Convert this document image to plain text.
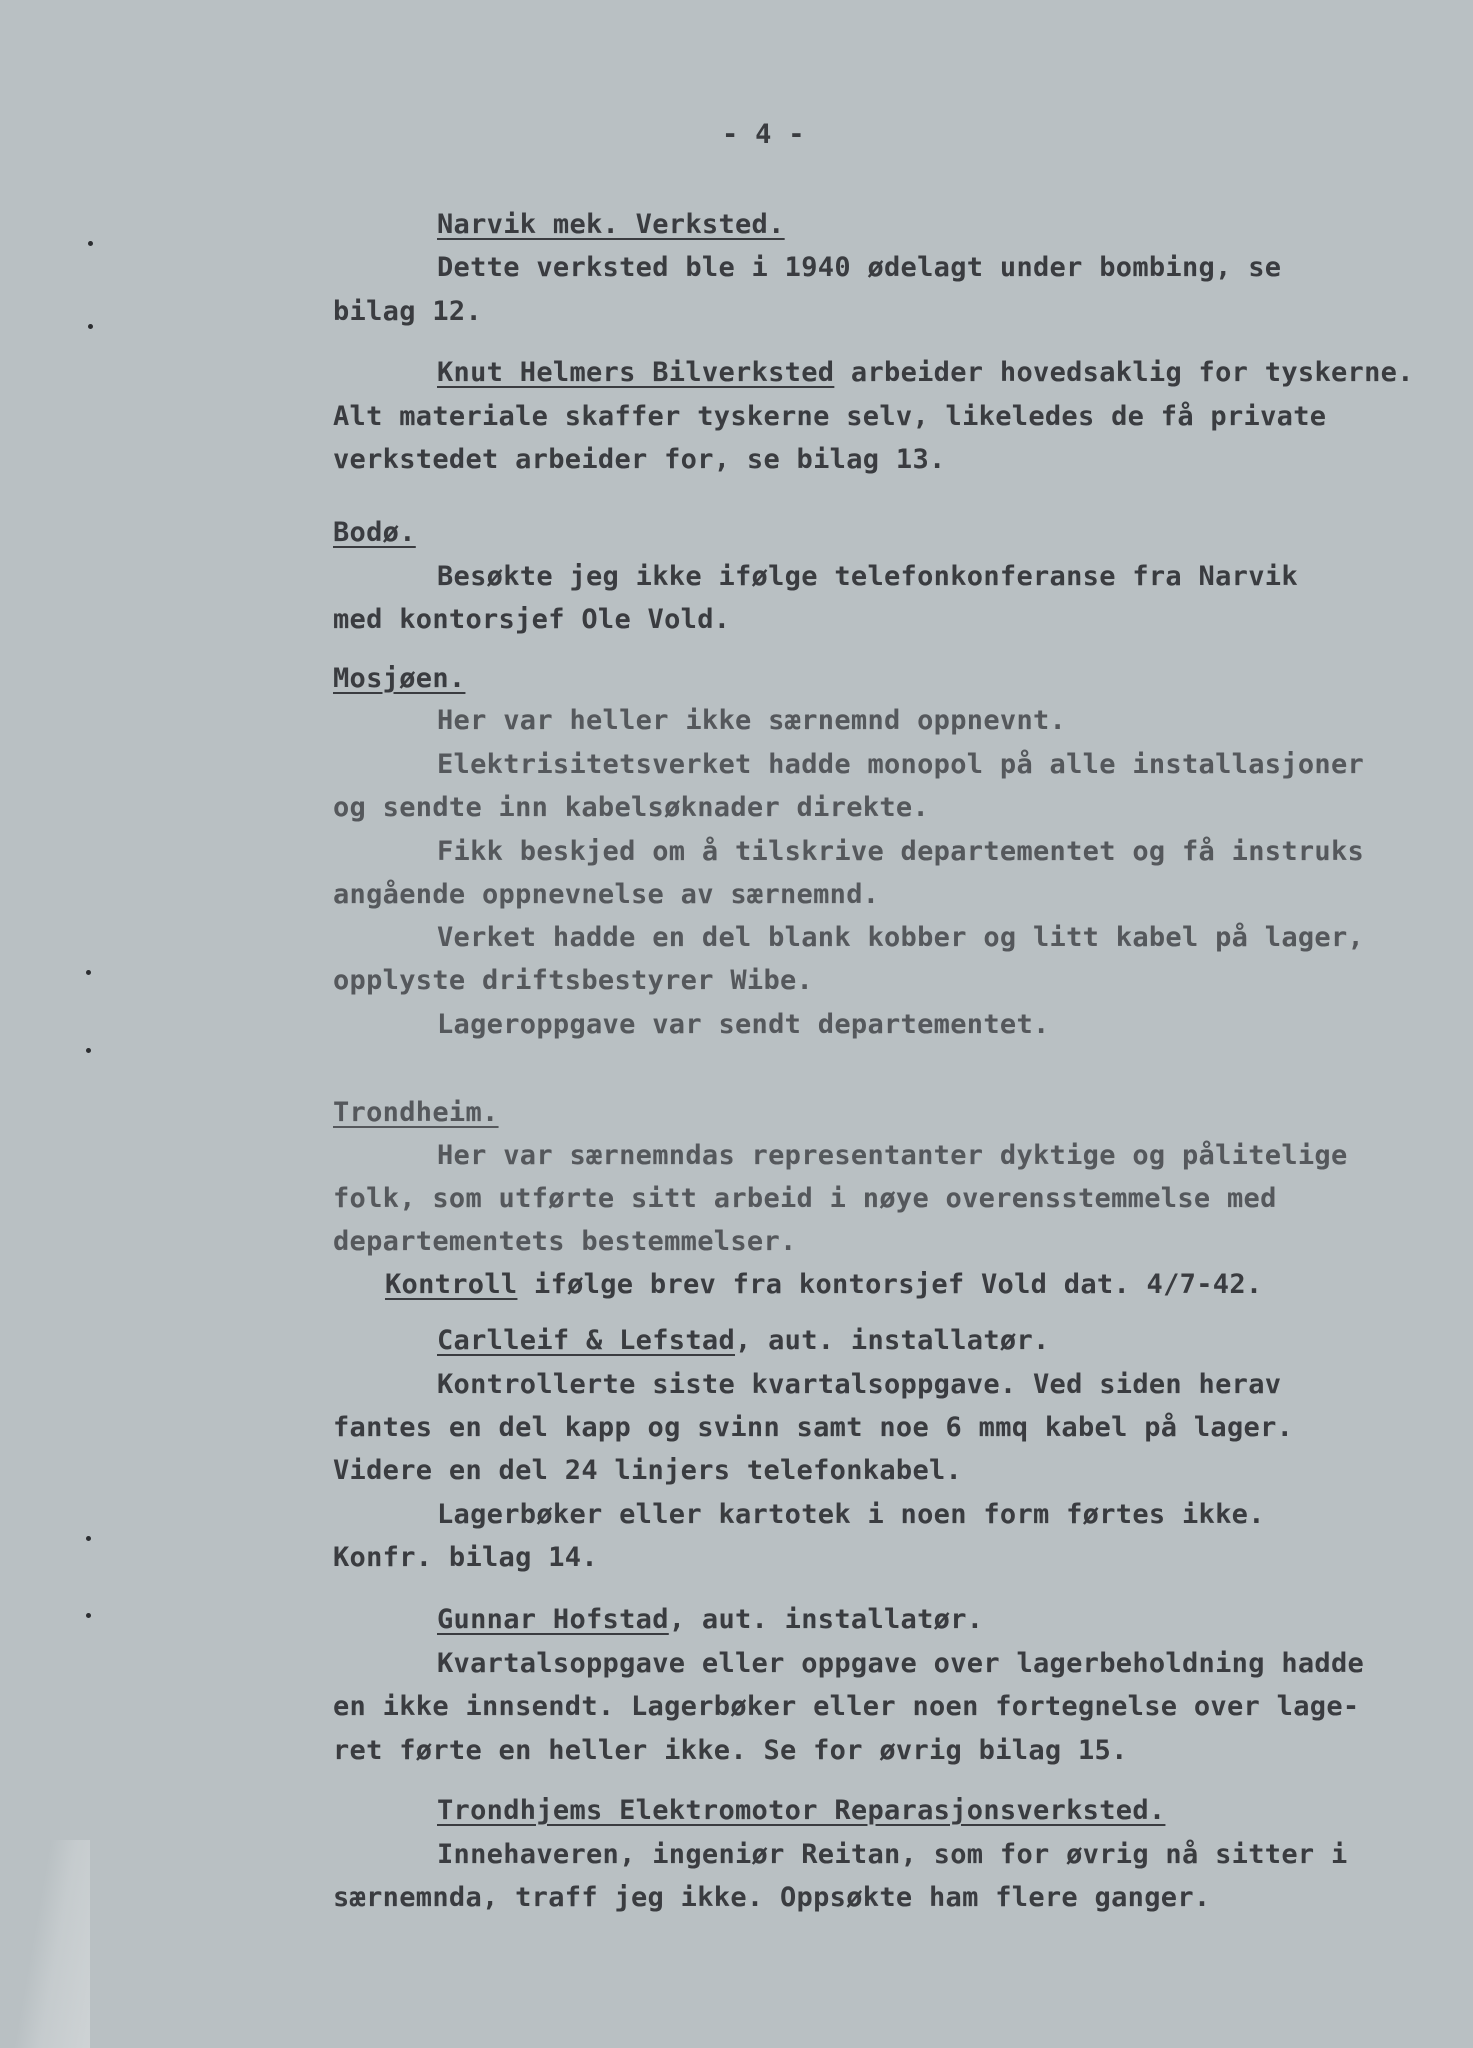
- 4 -
Narvik mek. Verksted.
Dette verksted ble i 1940 ødelagt under bombing, se
bilag 12.
Knut Helmers Bilverksted arbeider hovedsaklig for tyskerne.
Alt materiale skaffer tyskerne selv, likeledes de få private
verkstedet arbeider for, se bilag 13.
Bodø.
Besøkte jeg ikke ifølge telefonkonferanse fra Narvik
med kontorsjef Ole Vold.
Mosjøen.
Her var heller ikke særnemnd oppnevnt.
Elektrisitetsverket hadde monopol på alle installasjoner
og sendte inn kabelsøknader direkte.
Fikk beskjed om å tilskrive departementet og få instruks
angående oppnevnelse av særnemnd.
Verket hadde en del blank kobber og litt kabel på lager,
opplyste driftsbestyrer Wibe.
Lageroppgave var sendt departementet.
Trondheim.
Her var særnemndas representanter dyktige og pålitelige
folk, som utførte sitt arbeid i nøye overensstemmelse med
departementets bestemmelser.
Kontroll ifølge brev fra kontorsjef Vold dat. 4/7-42.
Carlleif & Lefstad, aut. installatør.
Kontrollerte siste kvartalsoppgave. Ved siden herav
fantes en del kapp og svinn samt noe 6 mmq kabel på lager.
Videre en del 24 linjers telefonkabel.
Lagerbøker eller kartotek i noen form førtes ikke.
Konfr. bilag 14.
Gunnar Hofstad, aut. installatør.
Kvartalsoppgave eller oppgave over lagerbeholdning hadde
en ikke innsendt. Lagerbøker eller noen fortegnelse over lage-
ret førte en heller ikke. Se for øvrig bilag 15.
Trondhjems Elektromotor Reparasjonsverksted.
Innehaveren, ingeniør Reitan, som for øvrig nå sitter i
særnemnda, traff jeg ikke. Oppsøkte ham flere ganger.
